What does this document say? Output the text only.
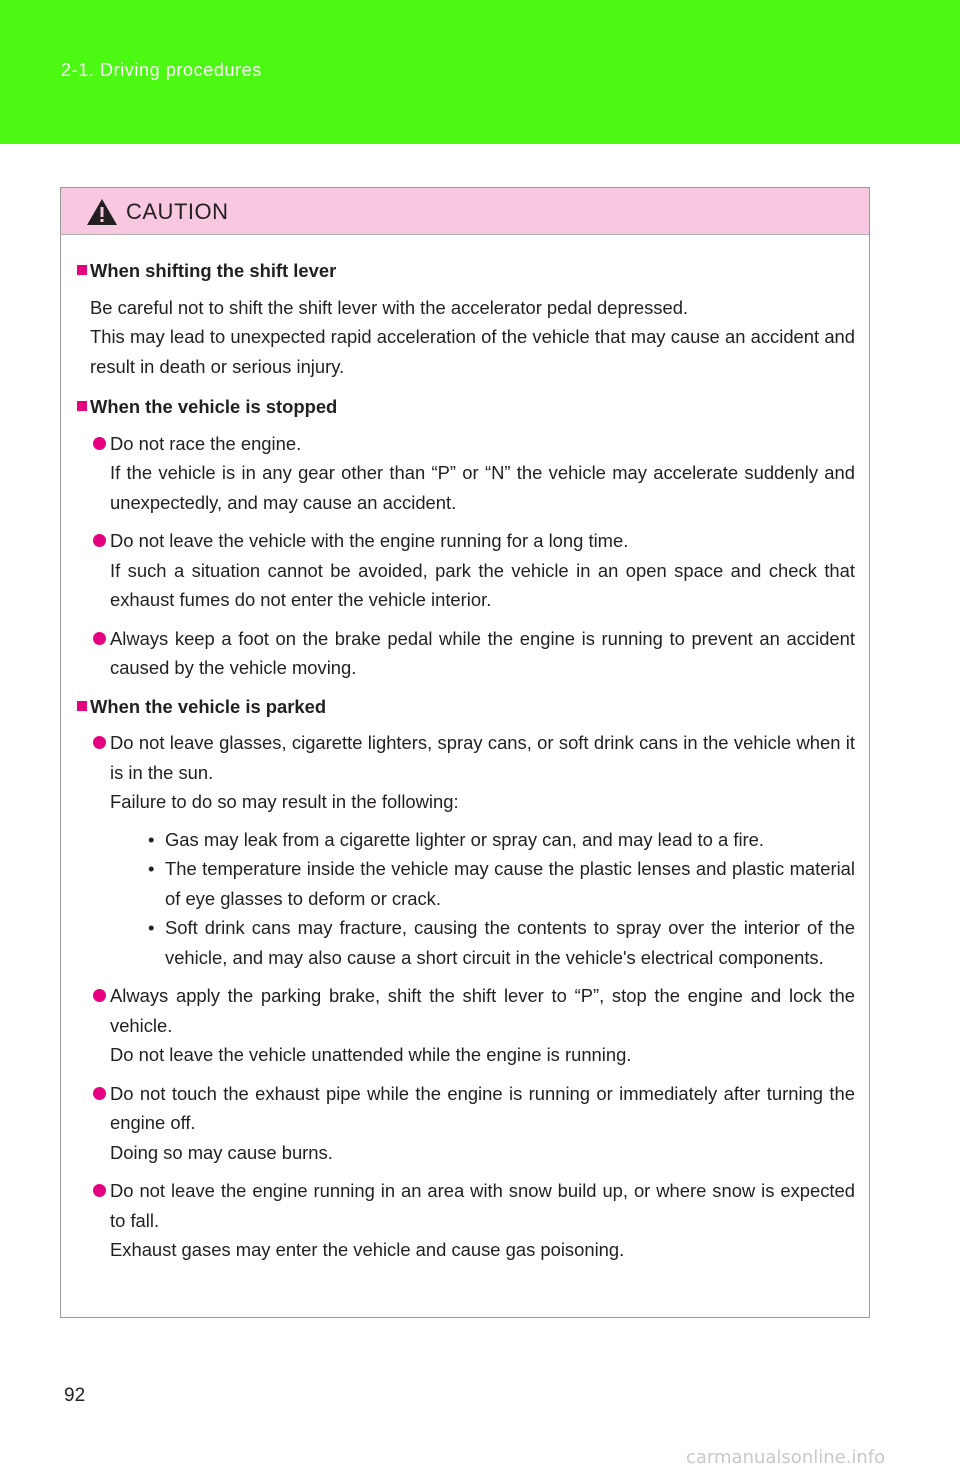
2-1. Driving procedures
CAUTION
When shifting the shift lever
Be careful not to shift the shift lever with the accelerator pedal depressed.
This may lead to unexpected rapid acceleration of the vehicle that may cause an accident and result in death or serious injury.
When the vehicle is stopped
Do not race the engine.
If the vehicle is in any gear other than “P” or “N” the vehicle may accelerate suddenly and unexpectedly, and may cause an accident.
Do not leave the vehicle with the engine running for a long time.
If such a situation cannot be avoided, park the vehicle in an open space and check that exhaust fumes do not enter the vehicle interior.
Always keep a foot on the brake pedal while the engine is running to prevent an accident caused by the vehicle moving.
When the vehicle is parked
Do not leave glasses, cigarette lighters, spray cans, or soft drink cans in the vehicle when it is in the sun.
Failure to do so may result in the following:
• Gas may leak from a cigarette lighter or spray can, and may lead to a fire.
• The temperature inside the vehicle may cause the plastic lenses and plastic material of eye glasses to deform or crack.
• Soft drink cans may fracture, causing the contents to spray over the interior of the vehicle, and may also cause a short circuit in the vehicle's electrical components.
Always apply the parking brake, shift the shift lever to “P”, stop the engine and lock the vehicle.
Do not leave the vehicle unattended while the engine is running.
Do not touch the exhaust pipe while the engine is running or immediately after turning the engine off.
Doing so may cause burns.
Do not leave the engine running in an area with snow build up, or where snow is expected to fall.
Exhaust gases may enter the vehicle and cause gas poisoning.
92
carmanualsonline.info
